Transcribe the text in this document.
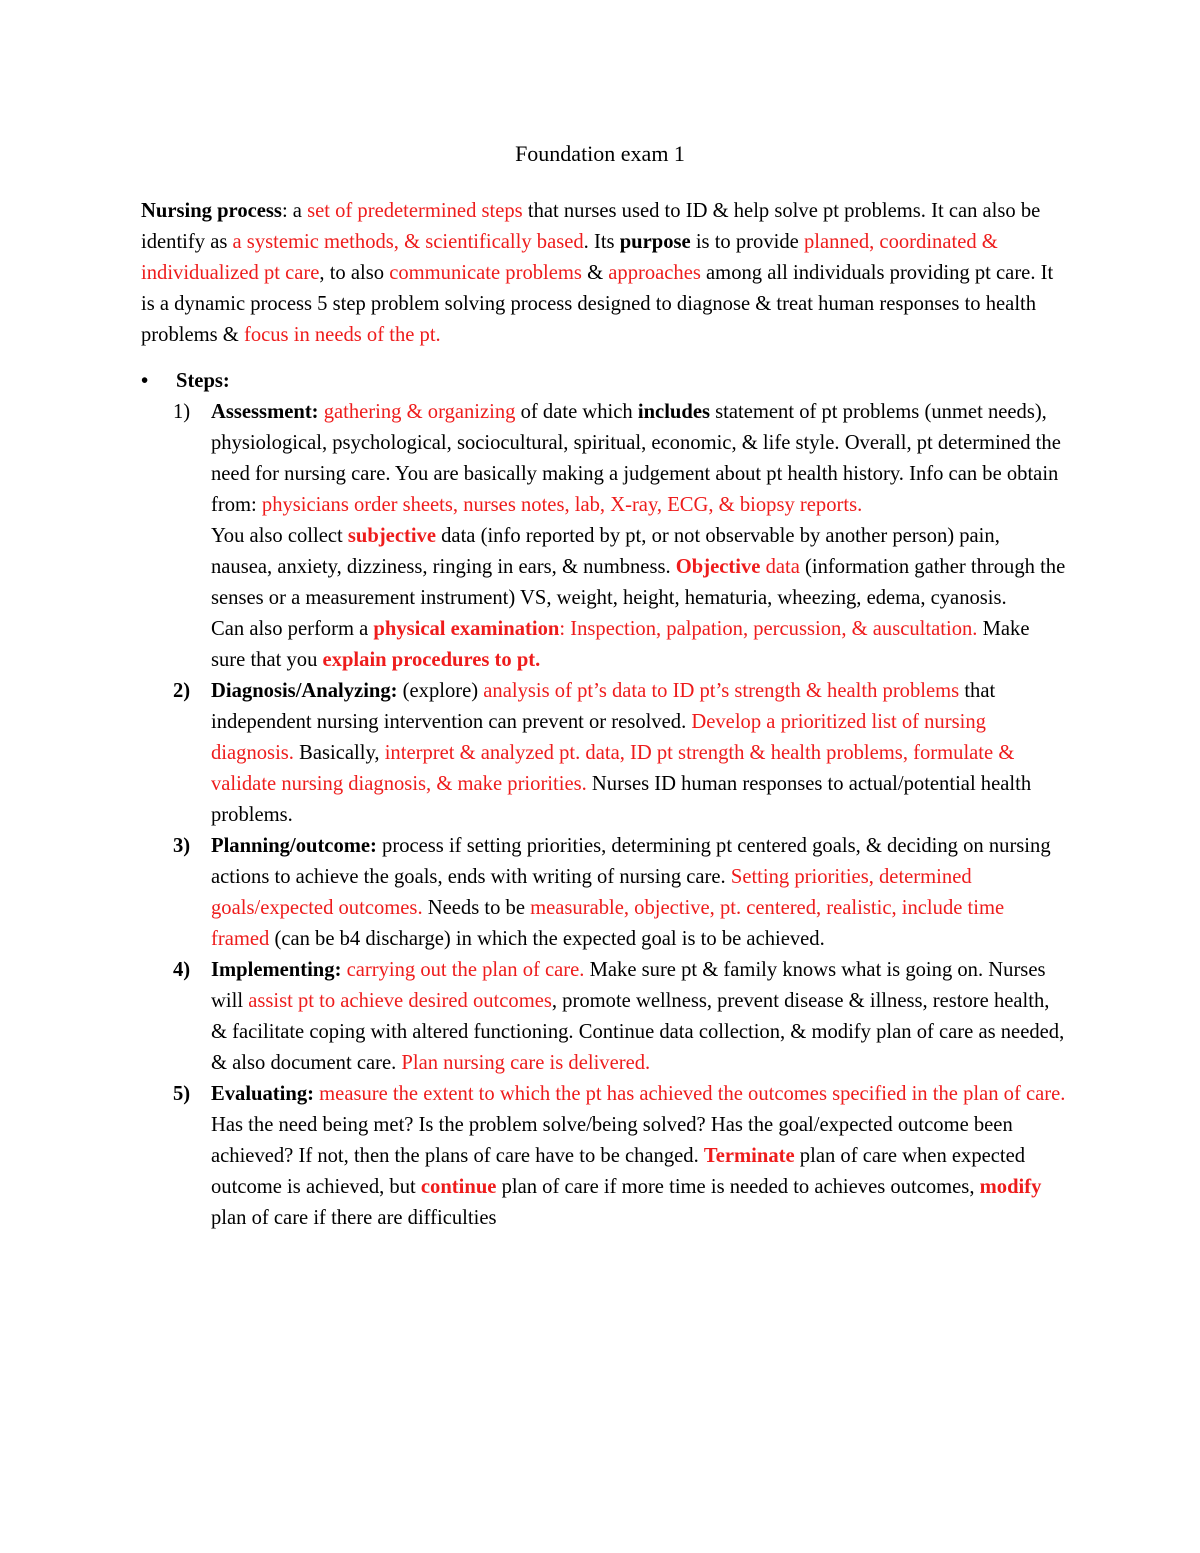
Foundation exam 1

Nursing process: a set of predetermined steps that nurses used to ID & help solve pt problems. It can also be identify as a systemic methods, & scientifically based. Its purpose is to provide planned, coordinated & individualized pt care, to also communicate problems & approaches among all individuals providing pt care. It is a dynamic process 5 step problem solving process designed to diagnose & treat human responses to health problems & focus in needs of the pt.

• Steps:
1) Assessment: gathering & organizing of date which includes statement of pt problems (unmet needs), physiological, psychological, sociocultural, spiritual, economic, & life style. Overall, pt determined the need for nursing care. You are basically making a judgement about pt health history. Info can be obtain from: physicians order sheets, nurses notes, lab, X-ray, ECG, & biopsy reports.
You also collect subjective data (info reported by pt, or not observable by another person) pain, nausea, anxiety, dizziness, ringing in ears, & numbness. Objective data (information gather through the senses or a measurement instrument) VS, weight, height, hematuria, wheezing, edema, cyanosis.
Can also perform a physical examination: Inspection, palpation, percussion, & auscultation. Make sure that you explain procedures to pt.
2) Diagnosis/Analyzing: (explore) analysis of pt’s data to ID pt’s strength & health problems that independent nursing intervention can prevent or resolved. Develop a prioritized list of nursing diagnosis. Basically, interpret & analyzed pt. data, ID pt strength & health problems, formulate & validate nursing diagnosis, & make priorities. Nurses ID human responses to actual/potential health problems.
3) Planning/outcome: process if setting priorities, determining pt centered goals, & deciding on nursing actions to achieve the goals, ends with writing of nursing care. Setting priorities, determined goals/expected outcomes. Needs to be measurable, objective, pt. centered, realistic, include time framed (can be b4 discharge) in which the expected goal is to be achieved.
4) Implementing: carrying out the plan of care. Make sure pt & family knows what is going on. Nurses will assist pt to achieve desired outcomes, promote wellness, prevent disease & illness, restore health, & facilitate coping with altered functioning. Continue data collection, & modify plan of care as needed, & also document care. Plan nursing care is delivered.
5) Evaluating: measure the extent to which the pt has achieved the outcomes specified in the plan of care. Has the need being met? Is the problem solve/being solved? Has the goal/expected outcome been achieved? If not, then the plans of care have to be changed. Terminate plan of care when expected outcome is achieved, but continue plan of care if more time is needed to achieves outcomes, modify plan of care if there are difficulties
